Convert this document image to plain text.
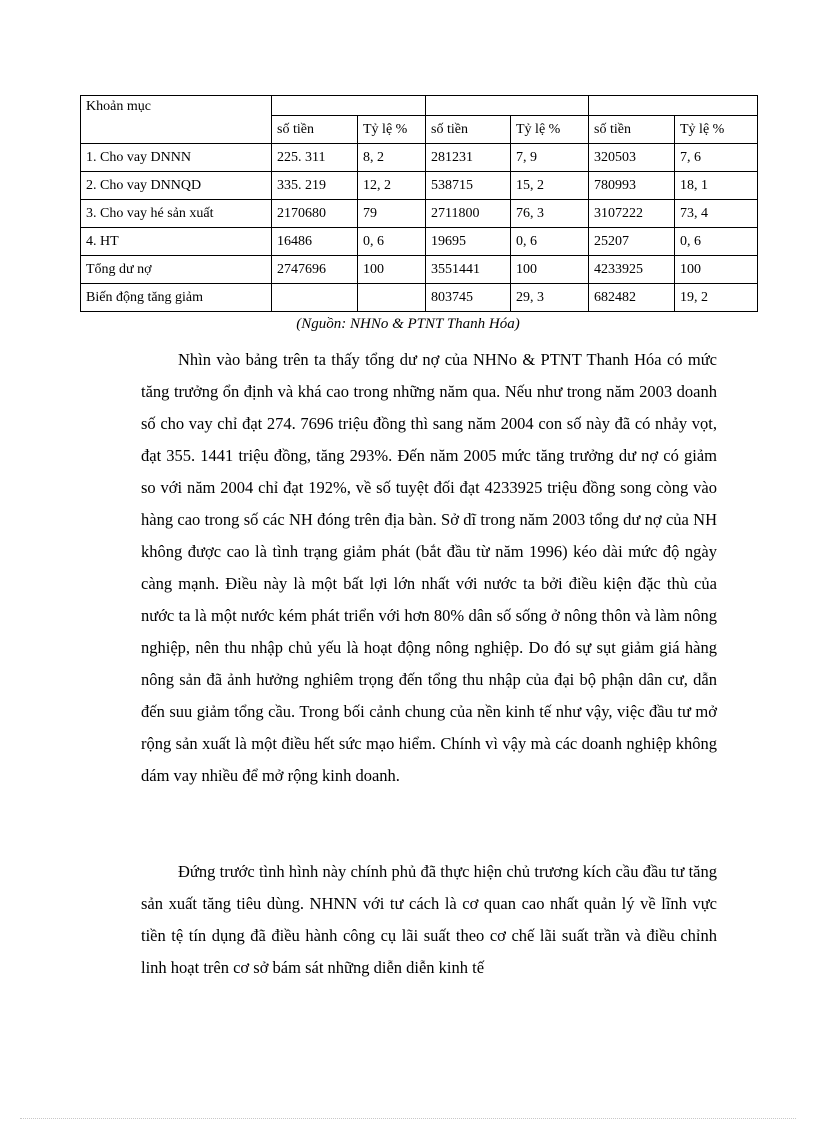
Khoản mục						
	số tiền	Tỷ lệ %	số tiền	Tỷ lệ %	số tiền	Tỷ lệ %
1. Cho vay DNNN	225. 311	8, 2	281231	7, 9	320503	7, 6
2. Cho vay DNNQD	335. 219	12, 2	538715	15, 2	780993	18, 1
3. Cho vay hé sản xuất	2170680	79	2711800	76, 3	3107222	73, 4
4. HT	16486	0, 6	19695	0, 6	25207	0, 6
Tổng dư nợ	2747696	100	3551441	100	4233925	100
Biến động tăng giảm			803745	29, 3	682482	19, 2
(Nguồn: NHNo & PTNT Thanh Hóa)

Nhìn vào bảng trên ta thấy tổng dư nợ của NHNo & PTNT Thanh Hóa có mức tăng trưởng ổn định và khá cao trong những năm qua. Nếu như trong năm 2003 doanh số cho vay chỉ đạt 274. 7696 triệu đồng thì sang năm 2004 con số này đã có nhảy vọt, đạt 355. 1441 triệu đồng, tăng 293%. Đến năm 2005 mức tăng trưởng dư nợ có giảm so với năm 2004 chỉ đạt 192%, về số tuyệt đối đạt 4233925 triệu đồng song còng vào hàng cao trong số các NH đóng trên địa bàn. Sở dĩ trong năm 2003 tổng dư nợ của NH không được cao là tình trạng giảm phát (bắt đầu từ năm 1996) kéo dài mức độ ngày càng mạnh. Điều này là một bất lợi lớn nhất với nước ta bởi điều kiện đặc thù của nước ta là một nước kém phát triển với hơn 80% dân số sống ở nông thôn và làm nông nghiệp, nên thu nhập chủ yếu là hoạt động nông nghiệp. Do đó sự sụt giảm giá hàng nông sản đã ảnh hưởng nghiêm trọng đến tổng thu nhập của đại bộ phận dân cư, dẫn đến suu giảm tổng cầu. Trong bối cảnh chung của nền kinh tế như vậy, việc đầu tư mở rộng sản xuất là một điều hết sức mạo hiểm. Chính vì vậy mà các doanh nghiệp không dám vay nhiều để mở rộng kinh doanh.

Đứng trước tình hình này chính phủ đã thực hiện chủ trương kích cầu đầu tư tăng sản xuất tăng tiêu dùng. NHNN với tư cách là cơ quan cao nhất quản lý về lĩnh vực tiền tệ tín dụng đã điều hành công cụ lãi suất theo cơ chế lãi suất trần và điều chỉnh linh hoạt trên cơ sở bám sát những diễn diễn kinh tế
